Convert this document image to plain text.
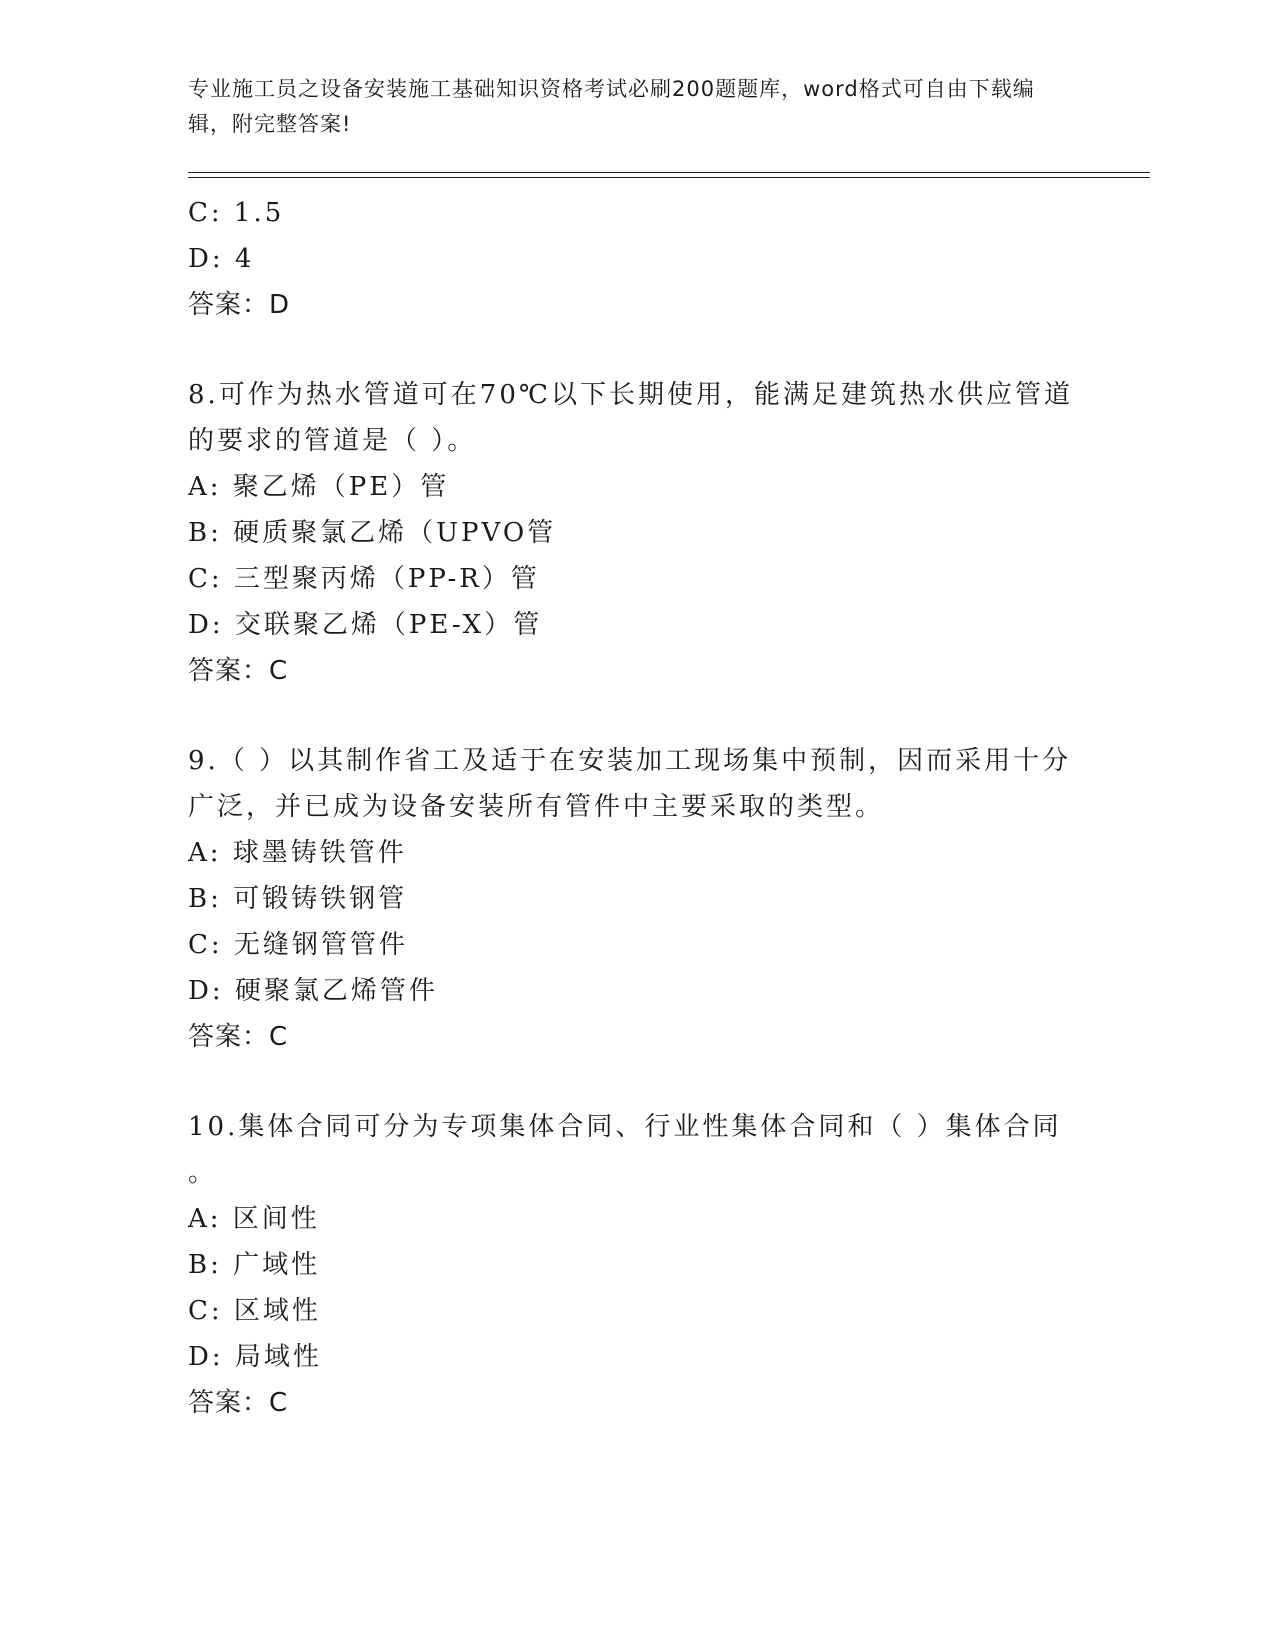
专业施工员之设备安装施工基础知识资格考试必刷200题题库，word格式可自由下载编辑，附完整答案!
C: 1.5
D: 4
答案：D
8.可作为热水管道可在70℃以下长期使用，能满足建筑热水供应管道
的要求的管道是（ ）。
A: 聚乙烯（PE）管
B: 硬质聚氯乙烯（UPVO管
C: 三型聚丙烯（PP-R）管
D: 交联聚乙烯（PE-X）管
答案：C
9.（ ）以其制作省工及适于在安装加工现场集中预制，因而采用十分
广泛，并已成为设备安装所有管件中主要采取的类型。
A: 球墨铸铁管件
B: 可锻铸铁钢管
C: 无缝钢管管件
D: 硬聚氯乙烯管件
答案：C
10.集体合同可分为专项集体合同、行业性集体合同和（ ）集体合同
。
A: 区间性
B: 广域性
C: 区域性
D: 局域性
答案：C
